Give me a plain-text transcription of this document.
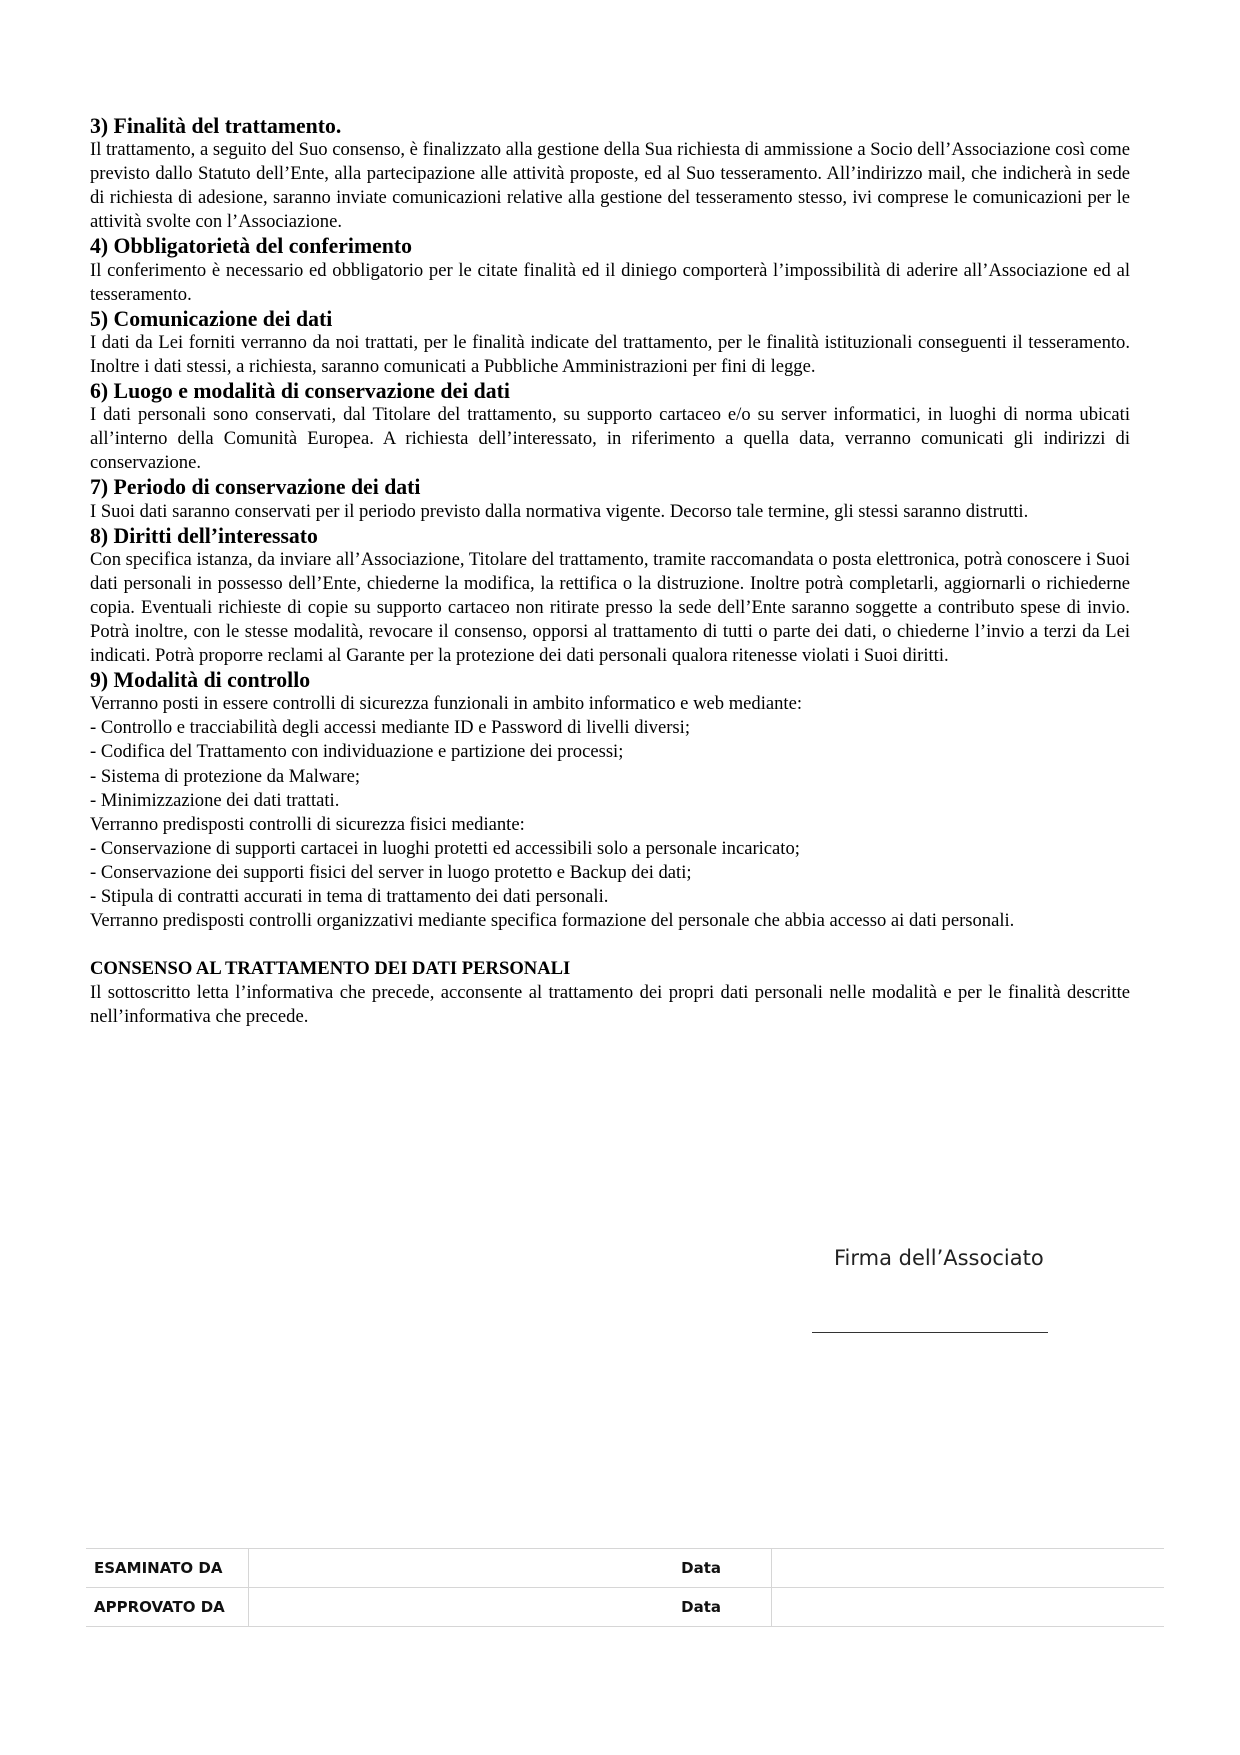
3) Finalità del trattamento.

Il trattamento, a seguito del Suo consenso, è finalizzato alla gestione della Sua richiesta di ammissione a Socio dell’Associazione così come previsto dallo Statuto dell’Ente, alla partecipazione alle attività proposte, ed al Suo tesseramento. All’indirizzo mail, che indicherà in sede di richiesta di adesione, saranno inviate comunicazioni relative alla gestione del tesseramento stesso, ivi comprese le comunicazioni per le attività svolte con l’Associazione.

4) Obbligatorietà del conferimento

Il conferimento è necessario ed obbligatorio per le citate finalità ed il diniego comporterà l’impossibilità di aderire all’Associazione ed al tesseramento.

5) Comunicazione dei dati

I dati da Lei forniti verranno da noi trattati, per le finalità indicate del trattamento, per le finalità istituzionali conseguenti il tesseramento. Inoltre i dati stessi, a richiesta, saranno comunicati a Pubbliche Amministrazioni per fini di legge.

6) Luogo e modalità di conservazione dei dati

I dati personali sono conservati, dal Titolare del trattamento, su supporto cartaceo e/o su server informatici, in luoghi di norma ubicati all’interno della Comunità Europea. A richiesta dell’interessato, in riferimento a quella data, verranno comunicati gli indirizzi di conservazione.

7) Periodo di conservazione dei dati

I Suoi dati saranno conservati per il periodo previsto dalla normativa vigente. Decorso tale termine, gli stessi saranno distrutti.

8) Diritti dell’interessato

Con specifica istanza, da inviare all’Associazione, Titolare del trattamento, tramite raccomandata o posta elettronica, potrà conoscere i Suoi dati personali in possesso dell’Ente, chiederne la modifica, la rettifica o la distruzione. Inoltre potrà completarli, aggiornarli o richiederne copia. Eventuali richieste di copie su supporto cartaceo non ritirate presso la sede dell’Ente saranno soggette a contributo spese di invio. Potrà inoltre, con le stesse modalità, revocare il consenso, opporsi al trattamento di tutti o parte dei dati, o chiederne l’invio a terzi da Lei indicati. Potrà proporre reclami al Garante per la protezione dei dati personali qualora ritenesse violati i Suoi diritti.

9) Modalità di controllo

Verranno posti in essere controlli di sicurezza funzionali in ambito informatico e web mediante:

- Controllo e tracciabilità degli accessi mediante ID e Password di livelli diversi;

- Codifica del Trattamento con individuazione e partizione dei processi;

- Sistema di protezione da Malware;

- Minimizzazione dei dati trattati.

Verranno predisposti controlli di sicurezza fisici mediante:

- Conservazione di supporti cartacei in luoghi protetti ed accessibili solo a personale incaricato;

- Conservazione dei supporti fisici del server in luogo protetto e Backup dei dati;

- Stipula di contratti accurati in tema di trattamento dei dati personali.

Verranno predisposti controlli organizzativi mediante specifica formazione del personale che abbia accesso ai dati personali.

CONSENSO AL TRATTAMENTO DEI DATI PERSONALI

Il sottoscritto letta l’informativa che precede, acconsente al trattamento dei propri dati personali nelle modalità e per le finalità descritte nell’informativa che precede.

Firma dell’Associato
ESAMINATO DA	Data	
APPROVATO DA	Data	
